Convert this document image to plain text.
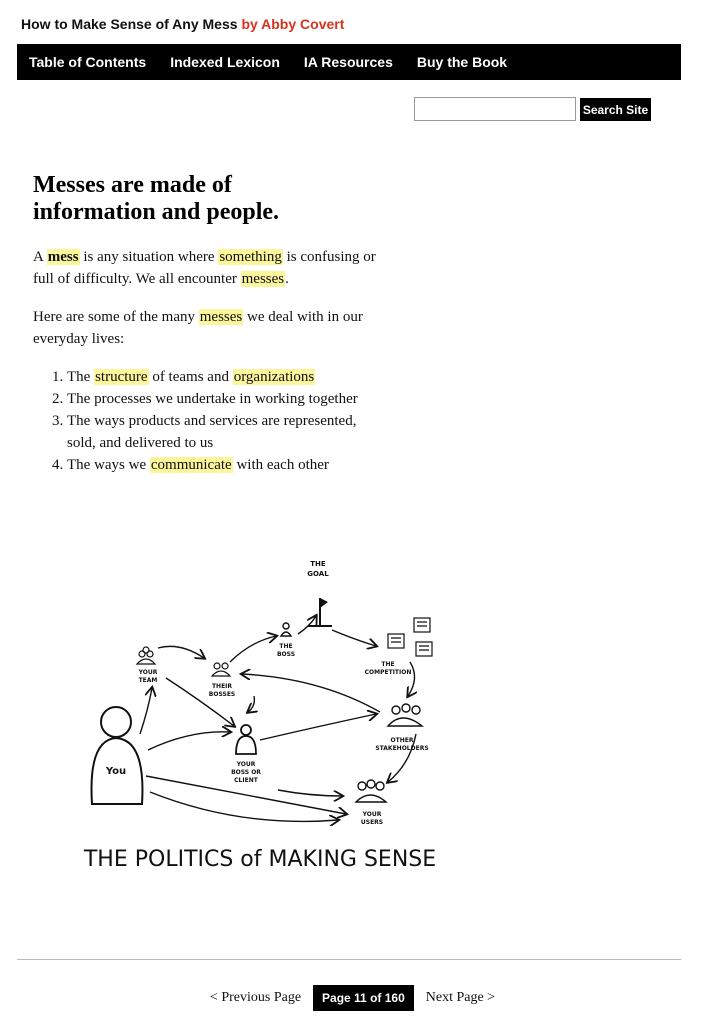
How to Make Sense of Any Mess by Abby Covert
Table of Contents	Indexed Lexicon	IA Resources	Buy the Book
Search Site
Messes are made of
information and people.

A mess is any situation where something is confusing or full of difficulty. We all encounter messes.

Here are some of the many messes we deal with in our everyday lives:

1. The structure of teams and organizations
2. The processes we undertake in working together
3. The ways products and services are represented, sold, and delivered to us
4. The ways we communicate with each other
THE
GOAL
THE
BOSS
THE
COMPETITION
YOUR
TEAM
THEIR
BOSSES
You
YOUR
BOSS OR
CLIENT
OTHER
STAKEHOLDERS
YOUR
USERS
THE POLITICS of MAKING SENSE
< Previous Page	Page 11 of 160	Next Page >
